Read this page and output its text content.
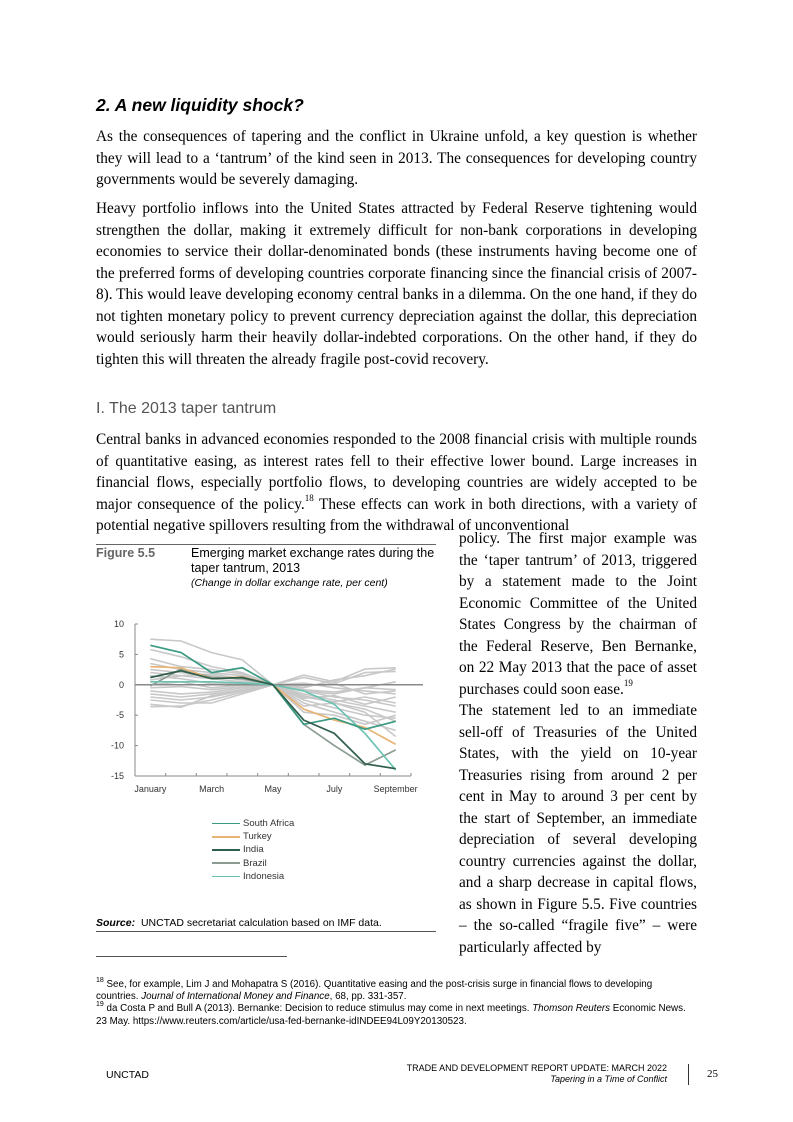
2. A new liquidity shock?

As the consequences of tapering and the conflict in Ukraine unfold, a key question is whether they will lead to a ‘tantrum’ of the kind seen in 2013. The consequences for developing country governments would be severely damaging.

Heavy portfolio inflows into the United States attracted by Federal Reserve tightening would strengthen the dollar, making it extremely difficult for non-bank corporations in developing economies to service their dollar-denominated bonds (these instruments having become one of the preferred forms of developing countries corporate financing since the financial crisis of 2007-8). This would leave developing economy central banks in a dilemma. On the one hand, if they do not tighten monetary policy to prevent currency depreciation against the dollar, this depreciation would seriously harm their heavily dollar-indebted corporations. On the other hand, if they do tighten this will threaten the already fragile post-covid recovery.

I. The 2013 taper tantrum

Central banks in advanced economies responded to the 2008 financial crisis with multiple rounds of quantitative easing, as interest rates fell to their effective lower bound. Large increases in financial flows, especially portfolio flows, to developing countries are widely accepted to be major consequence of the policy.$^{18}$ These effects can work in both directions, with a variety of potential negative spillovers resulting from the withdrawal of unconventional

policy. The first major example was the ‘taper tantrum’ of 2013, triggered by a statement made to the Joint Economic Committee of the United States Congress by the chairman of the Federal Reserve, Ben Bernanke, on 22 May 2013 that the pace of asset purchases could soon ease.$^{19}$

The statement led to an immediate sell-off of Treasuries of the United States, with the yield on 10-year Treasuries rising from around 2 per cent in May to around 3 per cent by the start of September, an immediate depreciation of several developing country currencies against the dollar, and a sharp decrease in capital flows, as shown in Figure 5.5. Five countries – the so-called “fragile five” – were particularly affected by

Figure 5.5	Emerging market exchange rates during the taper tantrum, 2013
(Change in dollar exchange rate, per cent)
10
5
0
-5
-10
-15
January	March	May	July	September
South Africa
Turkey
India
Brazil
Indonesia
Source: UNCTAD secretariat calculation based on IMF data.
$^{18}$ See, for example, Lim J and Mohapatra S (2016). Quantitative easing and the post-crisis surge in financial flows to developing countries. Journal of International Money and Finance, 68, pp. 331-357.
$^{19}$ da Costa P and Bull A (2013). Bernanke: Decision to reduce stimulus may come in next meetings. Thomson Reuters Economic News. 23 May. https://www.reuters.com/article/usa-fed-bernanke-idINDEE94L09Y20130523.
UNCTAD
TRADE AND DEVELOPMENT REPORT UPDATE: MARCH 2022
Tapering in a Time of Conflict	25
